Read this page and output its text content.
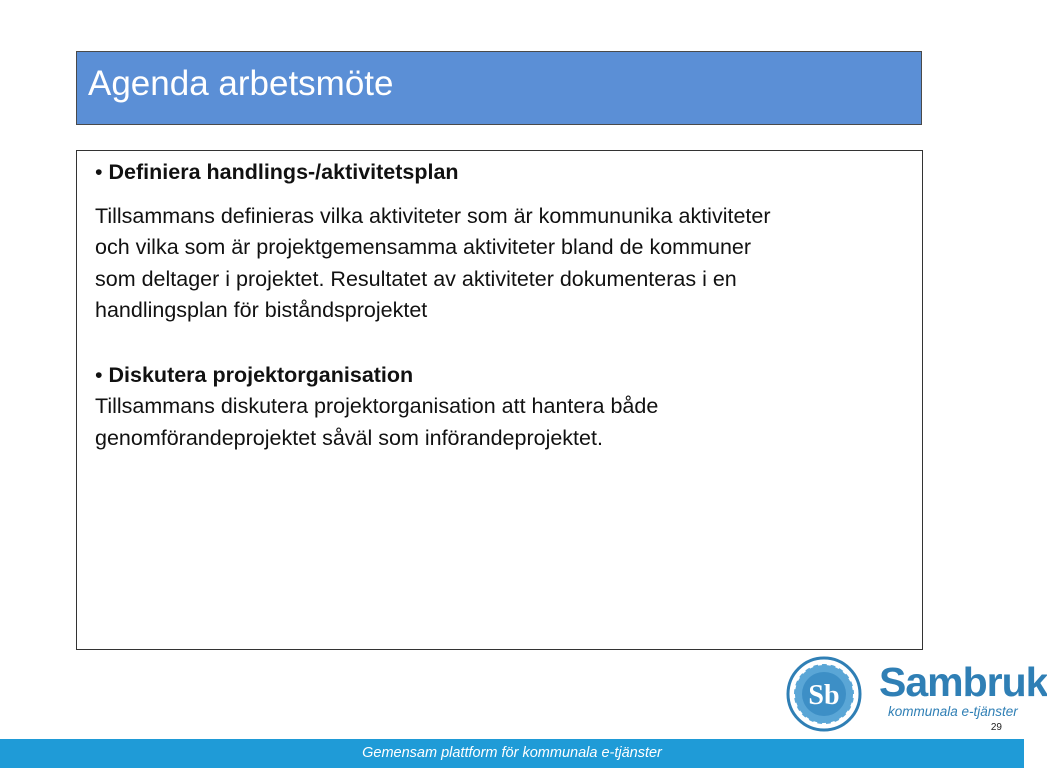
Agenda arbetsmöte

• Definiera handlings-/aktivitetsplan

Tillsammans definieras vilka aktiviteter som är kommununika aktiviteter
och vilka som är projektgemensamma aktiviteter bland de kommuner
som deltager i projektet. Resultatet av aktiviteter dokumenteras i en
handlingsplan för biståndsprojektet

• Diskutera projektorganisation

Tillsammans diskutera projektorganisation att hantera både
genomförandeprojektet såväl som införandeprojektet.

Sb Sambruk
kommunala e-tjänster
29
Gemensam plattform för kommunala e-tjänster
